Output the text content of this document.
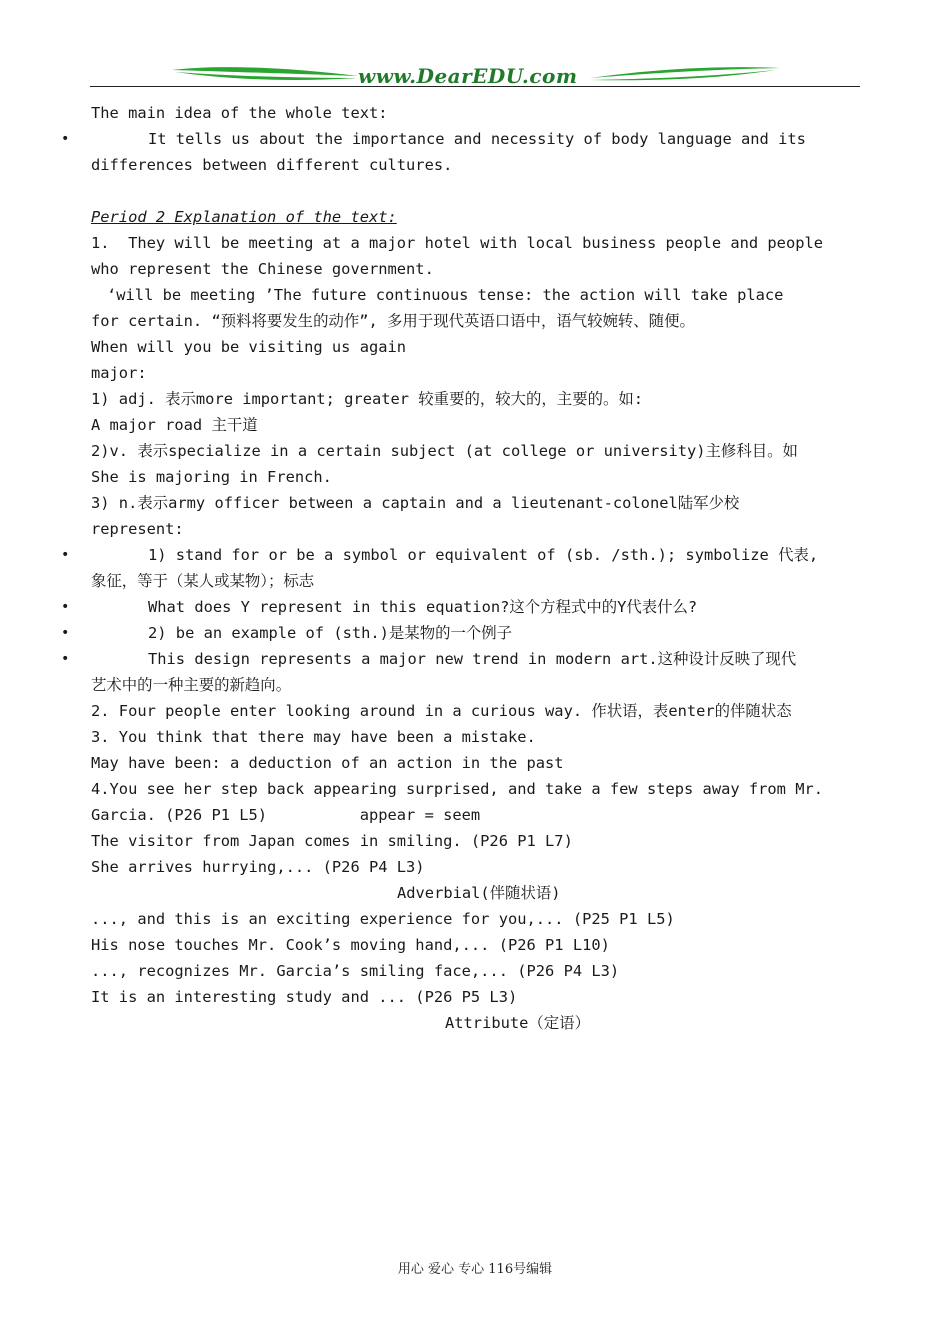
www.DearEDU.com
The main idea of the whole text:
•	It tells us about the importance and necessity of body language and its
differences between different cultures.
Period 2 Explanation of the text:
1.  They will be meeting at a major hotel with local business people and people
who represent the Chinese government.
‘will be meeting ’The future continuous tense: the action will take place
for certain. “预料将要发生的动作”, 多用于现代英语口语中，语气较婉转、随便。
When will you be visiting us again
major:
1) adj. 表示more important; greater 较重要的，较大的，主要的。如:
A major road 主干道
2)v. 表示specialize in a certain subject (at college or university)主修科目。如
She is majoring in French.
3) n.表示army officer between a captain and a lieutenant-colonel陆军少校
represent:
•	1) stand for or be a symbol or equivalent of (sb. /sth.); symbolize 代表,
象征，等于（某人或某物）；标志
•	What does Y represent in this equation?这个方程式中的Y代表什么?
•	2) be an example of (sth.)是某物的一个例子
•	This design represents a major new trend in modern art.这种设计反映了现代
艺术中的一种主要的新趋向。
2. Four people enter looking around in a curious way. 作状语，表enter的伴随状态
3. You think that there may have been a mistake.
May have been: a deduction of an action in the past
4.You see her step back appearing surprised, and take a few steps away from Mr.
Garcia. (P26 P1 L5)          appear = seem
The visitor from Japan comes in smiling. (P26 P1 L7)
She arrives hurrying,... (P26 P4 L3)
Adverbial(伴随状语)
..., and this is an exciting experience for you,... (P25 P1 L5)
His nose touches Mr. Cook’s moving hand,... (P26 P1 L10)
..., recognizes Mr. Garcia’s smiling face,... (P26 P4 L3)
It is an interesting study and ... (P26 P5 L3)
Attribute（定语）
用心 爱心 专心 116号编辑
